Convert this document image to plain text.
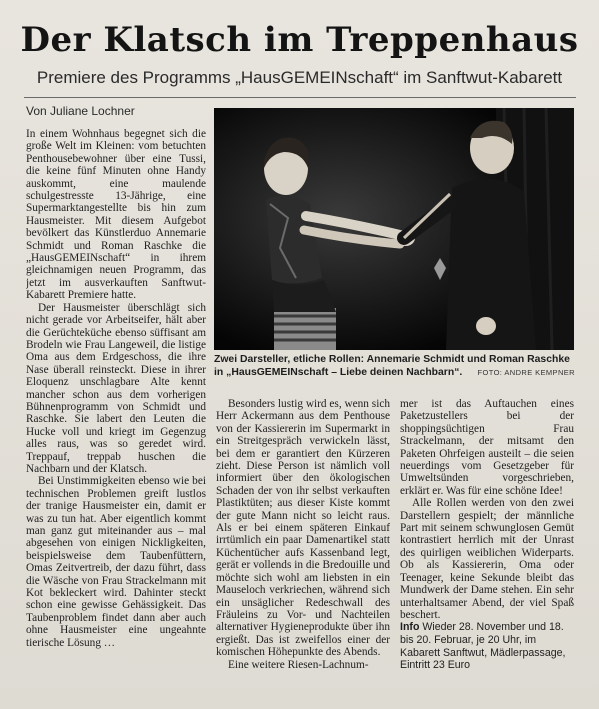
Der Klatsch im Treppenhaus
Premiere des Programms „HausGEMEINschaft“ im Sanftwut-Kabarett
Von Juliane Lochner

In einem Wohnhaus begegnet sich die große Welt im Kleinen: vom betuchten Penthousebewohner über eine Tussi, die keine fünf Minuten ohne Handy auskommt, eine maulende schulgestresste 13-Jährige, eine Supermarktangestellte bis hin zum Hausmeister. Mit diesem Aufgebot bevölkert das Künstlerduo Annemarie Schmidt und Roman Raschke die „HausGEMEINschaft“ in ihrem gleichnamigen neuen Programm, das jetzt im ausverkauften Sanftwut-Kabarett Premiere hatte.

Der Hausmeister überschlägt sich nicht gerade vor Arbeitseifer, hält aber die Gerüchteküche ebenso süffisant am Brodeln wie Frau Langeweil, die listige Oma aus dem Erdgeschoss, die ihre Nase überall reinsteckt. Diese in ihrer Eloquenz unschlagbare Alte kennt mancher schon aus dem vorherigen Bühnenprogramm von Schmidt und Raschke. Sie labert den Leuten die Hucke voll und kriegt im Gegenzug alles raus, was so geredet wird. Treppauf, treppab huschen die Nachbarn und der Klatsch.

Bei Unstimmigkeiten ebenso wie bei technischen Problemen greift lustlos der tranige Hausmeister ein, damit er was zu tun hat. Aber eigentlich kommt man ganz gut miteinander aus – mal abgesehen von einigen Nickligkeiten, beispielsweise dem Taubenfüttern, Omas Zeitvertreib, der dazu führt, dass die Wäsche von Frau Strackelmann mit Kot bekleckert wird. Dahinter steckt schon eine gewisse Gehässigkeit. Das Taubenproblem findet dann aber auch ohne Hausmeister eine ungeahnte tierische Lösung …

Zwei Darsteller, etliche Rollen: Annemarie Schmidt und Roman Raschke in „HausGEMEINschaft – Liebe deinen Nachbarn“.	FOTO: ANDRE KEMPNER

Besonders lustig wird es, wenn sich Herr Ackermann aus dem Penthouse von der Kassiererin im Supermarkt in ein Streitgespräch verwickeln lässt, bei dem er garantiert den Kürzeren zieht. Diese Person ist nämlich voll informiert über den ökologischen Schaden der von ihr selbst verkauften Plastiktüten; aus dieser Kiste kommt der gute Mann nicht so leicht raus. Als er bei einem späteren Einkauf irrtümlich ein paar Damenartikel statt Küchentücher aufs Kassenband legt, gerät er vollends in die Bredouille und möchte sich wohl am liebsten in ein Mauseloch verkriechen, während sich ein unsäglicher Redeschwall des Fräuleins zu Vor- und Nachteilen alternativer Hygieneprodukte über ihn ergießt. Das ist zweifellos einer der komischen Höhepunkte des Abends.

Eine weitere Riesen-Lachnum-

mer ist das Auftauchen eines Paketzustellers bei der shoppingsüchtigen Frau Strackelmann, der mitsamt den Paketen Ohrfeigen austeilt – die seien neuerdings vom Gesetzgeber für Umweltsünden vorgeschrieben, erklärt er. Was für eine schöne Idee!

Alle Rollen werden von den zwei Darstellern gespielt; der männliche Part mit seinem schwunglosen Gemüt kontrastiert herrlich mit der Unrast des quirligen weiblichen Widerparts. Ob als Kassiererin, Oma oder Teenager, keine Sekunde bleibt das Mundwerk der Dame stehen. Ein sehr unterhaltsamer Abend, der viel Spaß beschert.

Info Wieder 28. November und 18. bis 20. Februar, je 20 Uhr, im Kabarett Sanftwut, Mädlerpassage, Eintritt 23 Euro
